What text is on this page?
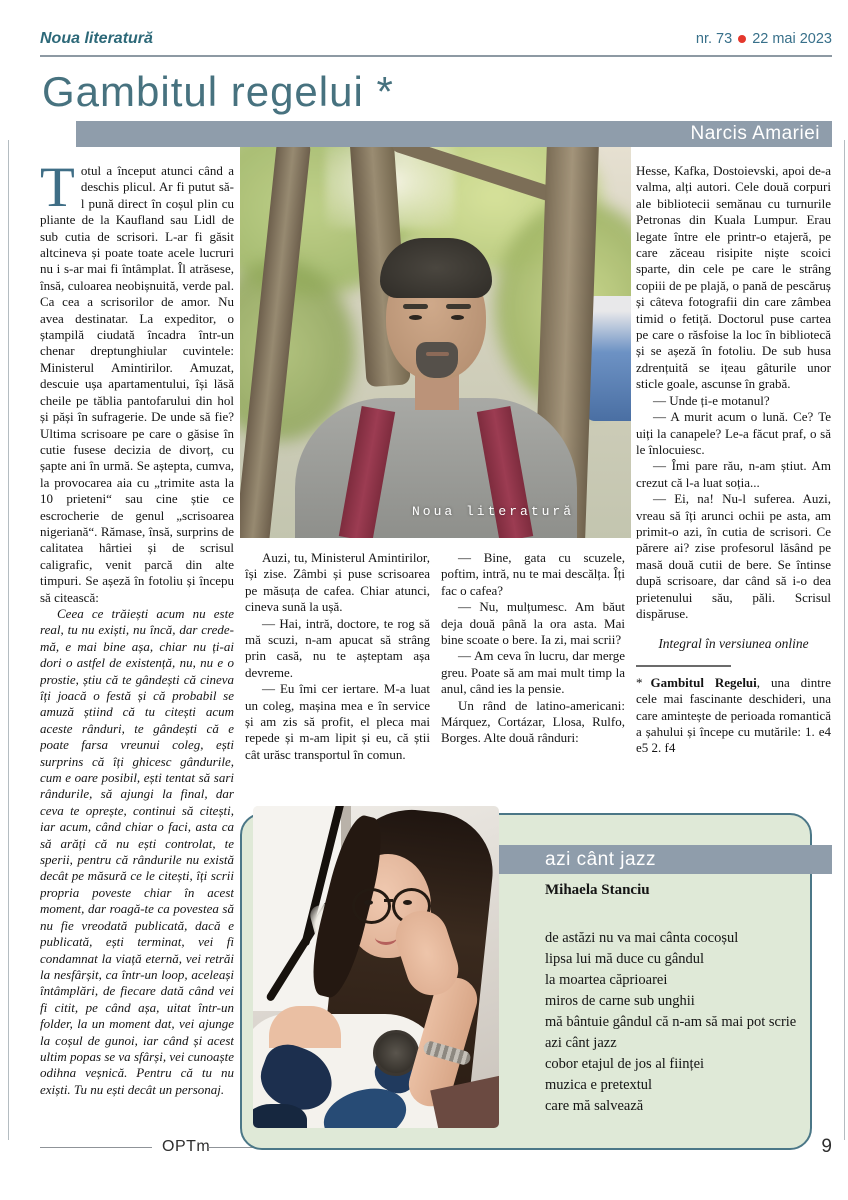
Noua literatură	nr. 73 22 mai 2023
Gambitul regelui *
Narcis Amariei
Noua literatură

Totul a început atunci când a deschis plicul. Ar fi putut să-l pună direct în coșul plin cu pliante de la Kaufland sau Lidl de sub cutia de scrisori. L-ar fi găsit altcineva și poate toate acele lucruri nu i s-ar mai fi întâmplat. Îl atrăsese, însă, culoarea neobișnuită, verde pal. Ca cea a scrisorilor de amor. Nu avea destinatar. La expeditor, o ștampilă ciudată încadra într-un chenar dreptunghiular cuvintele: Ministerul Amintirilor. Amuzat, descuie ușa apartamentului, își lăsă cheile pe tăblia pantofarului din hol și păși în sufragerie. De unde să fie? Ultima scrisoare pe care o găsise în cutie fusese decizia de divorț, cu șapte ani în urmă. Se aștepta, cumva, la provocarea aia cu „trimite asta la 10 prieteni“ sau cine știe ce escrocherie de genul „scrisoarea nigeriană“. Rămase, însă, surprins de calitatea hârtiei și de scrisul caligrafic, venit parcă din alte timpuri. Se așeză în fotoliu și începu să citească:

Ceea ce trăiești acum nu este real, tu nu exiști, nu încă, dar crede-mă, e mai bine așa, chiar nu ți-ai dori o astfel de existență, nu, nu e o prostie, știu că te gândești că cineva îți joacă o festă și că probabil se amuză știind că tu citești acum aceste rânduri, te gândești că e poate farsa vreunui coleg, ești surprins că îți ghicesc gândurile, cum e oare posibil, ești tentat să sari rândurile, să ajungi la final, dar ceva te oprește, continui să citești, iar acum, când chiar o faci, asta ca să arăți că nu ești controlat, te sperii, pentru că rândurile nu există decât pe măsură ce le citești, îți scrii propria poveste chiar în acest moment, dar roagă-te ca povestea să nu fie vreodată publicată, dacă e publicată, ești terminat, vei fi condamnat la viață eternă, vei retrăi la nesfârșit, ca într-un loop, aceleași întâmplări, de fiecare dată când vei fi citit, pe când așa, uitat într-un folder, la un moment dat, vei ajunge la coșul de gunoi, iar când și acest ultim popas se va sfârși, vei cunoaște odihna veșnică. Pentru că tu nu exiști. Tu nu ești decât un personaj.

Auzi, tu, Ministerul Amintirilor, își zise. Zâmbi și puse scrisoarea pe măsuța de cafea. Chiar atunci, cineva sună la ușă.

— Hai, intră, doctore, te rog să mă scuzi, n-am apucat să strâng prin casă, nu te așteptam așa devreme.

— Eu îmi cer iertare. M-a luat un coleg, mașina mea e în service și am zis să profit, el pleca mai repede și m-am lipit și eu, că știi cât urăsc transportul în comun.

— Bine, gata cu scuzele, poftim, intră, nu te mai descălța. Îți fac o cafea?

— Nu, mulțumesc. Am băut deja două până la ora asta. Mai bine scoate o bere. Ia zi, mai scrii?

— Am ceva în lucru, dar merge greu. Poate să am mai mult timp la anul, când ies la pensie.

Un rând de latino-americani: Márquez, Cortázar, Llosa, Rulfo, Borges. Alte două rânduri:

Hesse, Kafka, Dostoievski, apoi de-a valma, alți autori. Cele două corpuri ale bibliotecii semănau cu turnurile Petronas din Kuala Lumpur. Erau legate între ele printr-o etajeră, pe care zăceau risipite niște scoici sparte, din cele pe care le strâng copiii de pe plajă, o pană de pescăruș și câteva fotografii din care zâmbea timid o fetiță. Doctorul puse cartea pe care o răsfoise la loc în bibliotecă și se așeză în fotoliu. De sub husa zdrențuită se ițeau gâturile unor sticle goale, ascunse în grabă.

— Unde ți-e motanul?

— A murit acum o lună. Ce? Te uiți la canapele? Le-a făcut praf, o să le înlocuiesc.

— Îmi pare rău, n-am știut. Am crezut că l-a luat soția...

— Ei, na! Nu-l suferea. Auzi, vreau să îți arunci ochii pe asta, am primit-o azi, în cutia de scrisori. Ce părere ai? zise profesorul lăsând pe masă două cutii de bere. Se întinse după scrisoare, dar când să i-o dea prietenului său, păli. Scrisul dispăruse.

Integral în versiunea online

* Gambitul Regelui, una dintre cele mai fascinante deschideri, una care amintește de perioada romantică a șahului și începe cu mutările: 1. e4 e5 2. f4

azi cânt jazz
Mihaela Stanciu
de astăzi nu va mai cânta cocoșul
lipsa lui mă duce cu gândul
la moartea căprioarei
miros de carne sub unghii
mă bântuie gândul că n-am să mai pot scrie
azi cânt jazz
cobor etajul de jos al ființei
muzica e pretextul
care mă salvează
OPTm	9
